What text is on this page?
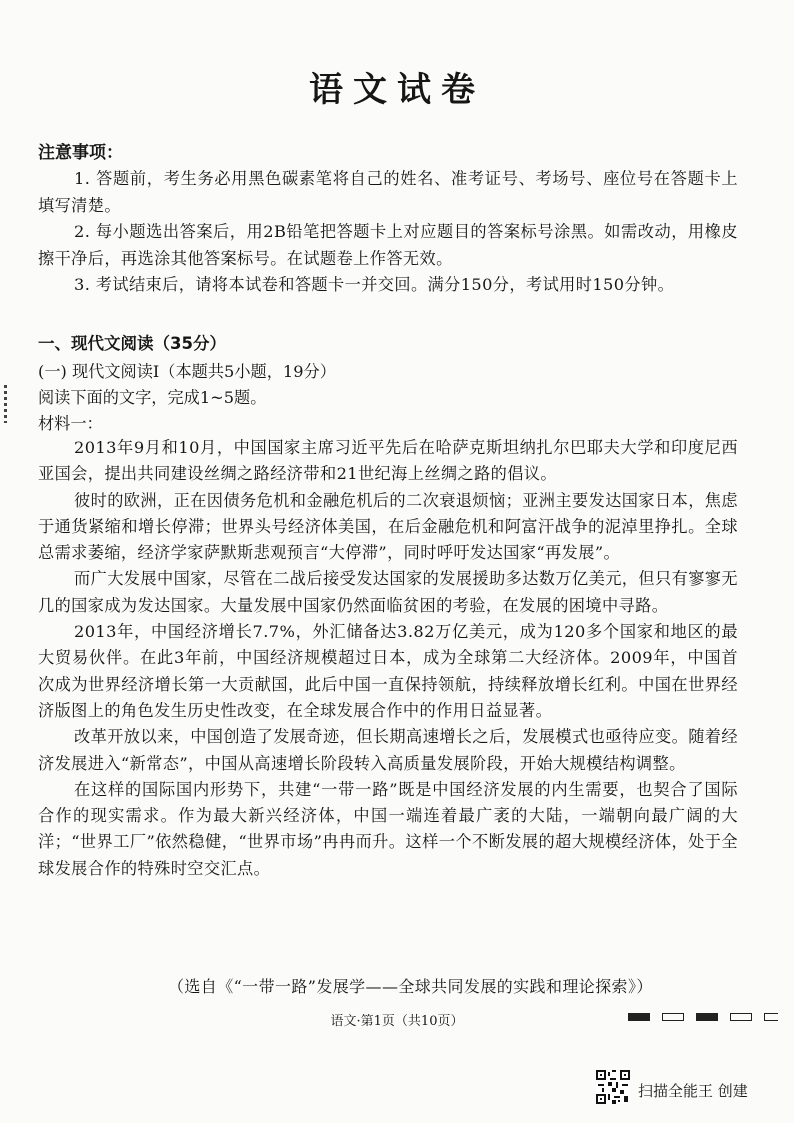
语文试卷
注意事项：
1. 答题前，考生务必用黑色碳素笔将自己的姓名、准考证号、考场号、座位号在答题卡上填写清楚。
2. 每小题选出答案后，用2B铅笔把答题卡上对应题目的答案标号涂黑。如需改动，用橡皮擦干净后，再选涂其他答案标号。在试题卷上作答无效。
3. 考试结束后，请将本试卷和答题卡一并交回。满分150分，考试用时150分钟。
一、现代文阅读（35分）
(一) 现代文阅读Ⅰ（本题共5小题，19分）
阅读下面的文字，完成1~5题。
材料一：
2013年9月和10月，中国国家主席习近平先后在哈萨克斯坦纳扎尔巴耶夫大学和印度尼西亚国会，提出共同建设丝绸之路经济带和21世纪海上丝绸之路的倡议。
彼时的欧洲，正在因债务危机和金融危机后的二次衰退烦恼；亚洲主要发达国家日本，焦虑于通货紧缩和增长停滞；世界头号经济体美国，在后金融危机和阿富汗战争的泥淖里挣扎。全球总需求萎缩，经济学家萨默斯悲观预言“大停滞”，同时呼吁发达国家“再发展”。
而广大发展中国家，尽管在二战后接受发达国家的发展援助多达数万亿美元，但只有寥寥无几的国家成为发达国家。大量发展中国家仍然面临贫困的考验，在发展的困境中寻路。
2013年，中国经济增长7.7%，外汇储备达3.82万亿美元，成为120多个国家和地区的最大贸易伙伴。在此3年前，中国经济规模超过日本，成为全球第二大经济体。2009年，中国首次成为世界经济增长第一大贡献国，此后中国一直保持领航，持续释放增长红利。中国在世界经济版图上的角色发生历史性改变，在全球发展合作中的作用日益显著。
改革开放以来，中国创造了发展奇迹，但长期高速增长之后，发展模式也亟待应变。随着经济发展进入“新常态”，中国从高速增长阶段转入高质量发展阶段，开始大规模结构调整。
在这样的国际国内形势下，共建“一带一路”既是中国经济发展的内生需要，也契合了国际合作的现实需求。作为最大新兴经济体，中国一端连着最广袤的大陆，一端朝向最广阔的大洋；“世界工厂”依然稳健，“世界市场”冉冉而升。这样一个不断发展的超大规模经济体，处于全球发展合作的特殊时空交汇点。
（选自《“一带一路”发展学——全球共同发展的实践和理论探索》）
语文·第1页（共10页）
扫描全能王 创建
